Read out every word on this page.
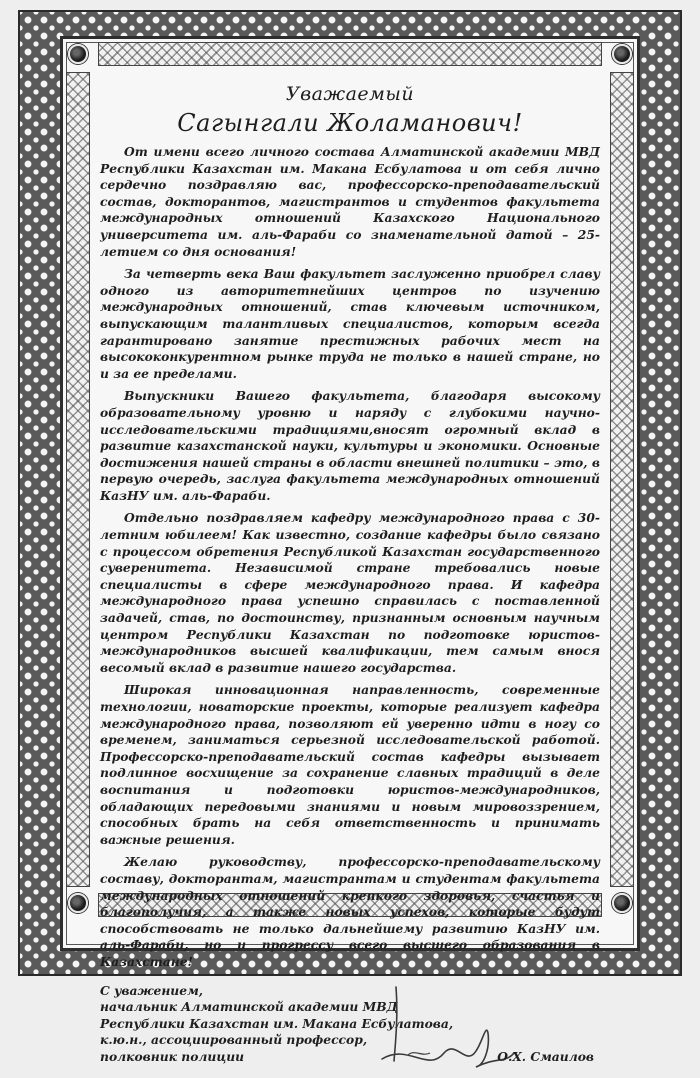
Уважаемый
Сагынгали Жоламанович!

От имени всего личного состава Алматинской академии МВД Республики Казахстан им. Макана Есбулатова и от себя лично сердечно поздравляю вас, профессорско-преподавательский состав, докторантов, магистрантов и студентов факультета международных отношений Казахского Национального университета им. аль-Фараби со знаменательной датой – 25-летием со дня основания!

За четверть века Ваш факультет заслуженно приобрел славу одного из авторитетнейших центров по изучению международных отношений, став ключевым источником, выпускающим талантливых специалистов, которым всегда гарантировано занятие престижных рабочих мест на высококонкурентном рынке труда не только в нашей стране, но и за ее пределами.

Выпускники Вашего факультета, благодаря высокому образовательному уровню и наряду с глубокими научно-исследовательскими традициями,вносят огромный вклад в развитие казахстанской науки, культуры и экономики. Основные достижения нашей страны в области внешней политики – это, в первую очередь, заслуга факультета международных отношений КазНУ им. аль-Фараби.

Отдельно поздравляем кафедру международного права с 30-летним юбилеем! Как известно, создание кафедры было связано с процессом обретения Республикой Казахстан государственного суверенитета. Независимой стране требовались новые специалисты в сфере международного права. И кафедра международного права успешно справилась с поставленной задачей, став, по достоинству, признанным основным научным центром Республики Казахстан по подготовке юристов-международников высшей квалификации, тем самым внося весомый вклад в развитие нашего государства.

Широкая инновационная направленность, современные технологии, новаторские проекты, которые реализует кафедра международного права, позволяют ей уверенно идти в ногу со временем, заниматься серьезной исследовательской работой. Профессорско-преподавательский состав кафедры вызывает подлинное восхищение за сохранение славных традиций в деле воспитания и подготовки юристов-международников, обладающих передовыми знаниями и новым мировоззрением, способных брать на себя ответственность и принимать важные решения.

Желаю руководству, профессорско-преподавательскому составу, докторантам, магистрантам и студентам факультета международных отношений крепкого здоровья, счастья и благополучия, а также новых успехов, которые будут способствовать не только дальнейшему развитию КазНУ им. аль-Фараби, но и прогрессу всего высшего образования в Казахстане!

С уважением,
начальник Алматинской академии МВД
Республики Казахстан им. Макана Есбулатова,
к.ю.н., ассоциированный профессор,
полковник полиции	О.Х. Смаилов
